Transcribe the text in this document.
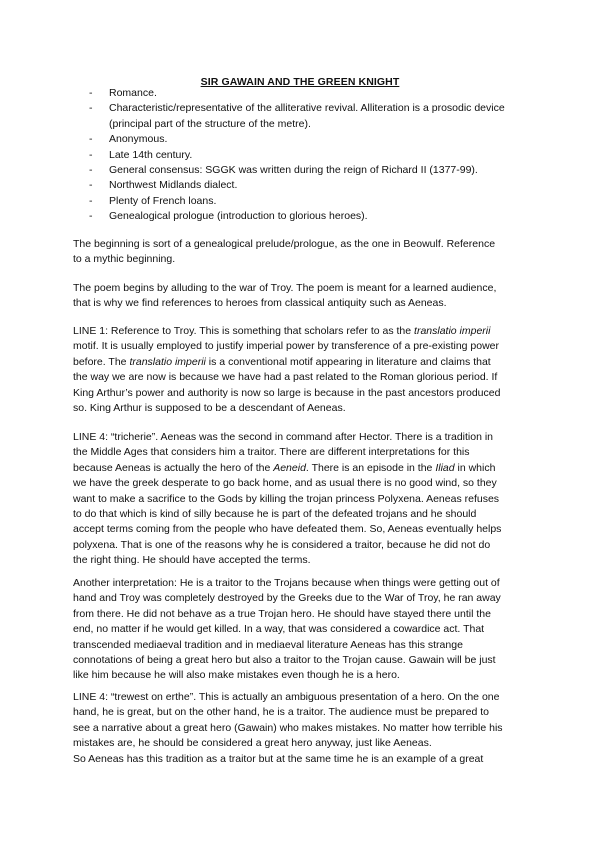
SIR GAWAIN AND THE GREEN KNIGHT
- Romance.
- Characteristic/representative of the alliterative revival. Alliteration is a prosodic device
(principal part of the structure of the metre).
- Anonymous.
- Late 14th century.
- General consensus: SGGK was written during the reign of Richard II (1377-99).
- Northwest Midlands dialect.
- Plenty of French loans.
- Genealogical prologue (introduction to glorious heroes).

The beginning is sort of a genealogical prelude/prologue, as the one in Beowulf. Reference
to a mythic beginning.

The poem begins by alluding to the war of Troy. The poem is meant for a learned audience,
that is why we find references to heroes from classical antiquity such as Aeneas.

LINE 1: Reference to Troy. This is something that scholars refer to as the translatio imperii
motif. It is usually employed to justify imperial power by transference of a pre-existing power
before. The translatio imperii is a conventional motif appearing in literature and claims that
the way we are now is because we have had a past related to the Roman glorious period. If
King Arthur’s power and authority is now so large is because in the past ancestors produced
so. King Arthur is supposed to be a descendant of Aeneas.

LINE 4: “tricherie”. Aeneas was the second in command after Hector. There is a tradition in
the Middle Ages that considers him a traitor. There are different interpretations for this
because Aeneas is actually the hero of the Aeneid. There is an episode in the Iliad in which
we have the greek desperate to go back home, and as usual there is no good wind, so they
want to make a sacrifice to the Gods by killing the trojan princess Polyxena. Aeneas refuses
to do that which is kind of silly because he is part of the defeated trojans and he should
accept terms coming from the people who have defeated them. So, Aeneas eventually helps
polyxena. That is one of the reasons why he is considered a traitor, because he did not do
the right thing. He should have accepted the terms.

Another interpretation: He is a traitor to the Trojans because when things were getting out of
hand and Troy was completely destroyed by the Greeks due to the War of Troy, he ran away
from there. He did not behave as a true Trojan hero. He should have stayed there until the
end, no matter if he would get killed. In a way, that was considered a cowardice act. That
transcended mediaeval tradition and in mediaeval literature Aeneas has this strange
connotations of being a great hero but also a traitor to the Trojan cause. Gawain will be just
like him because he will also make mistakes even though he is a hero.

LINE 4: “trewest on erthe”. This is actually an ambiguous presentation of a hero. On the one
hand, he is great, but on the other hand, he is a traitor. The audience must be prepared to
see a narrative about a great hero (Gawain) who makes mistakes. No matter how terrible his
mistakes are, he should be considered a great hero anyway, just like Aeneas.
So Aeneas has this tradition as a traitor but at the same time he is an example of a great
